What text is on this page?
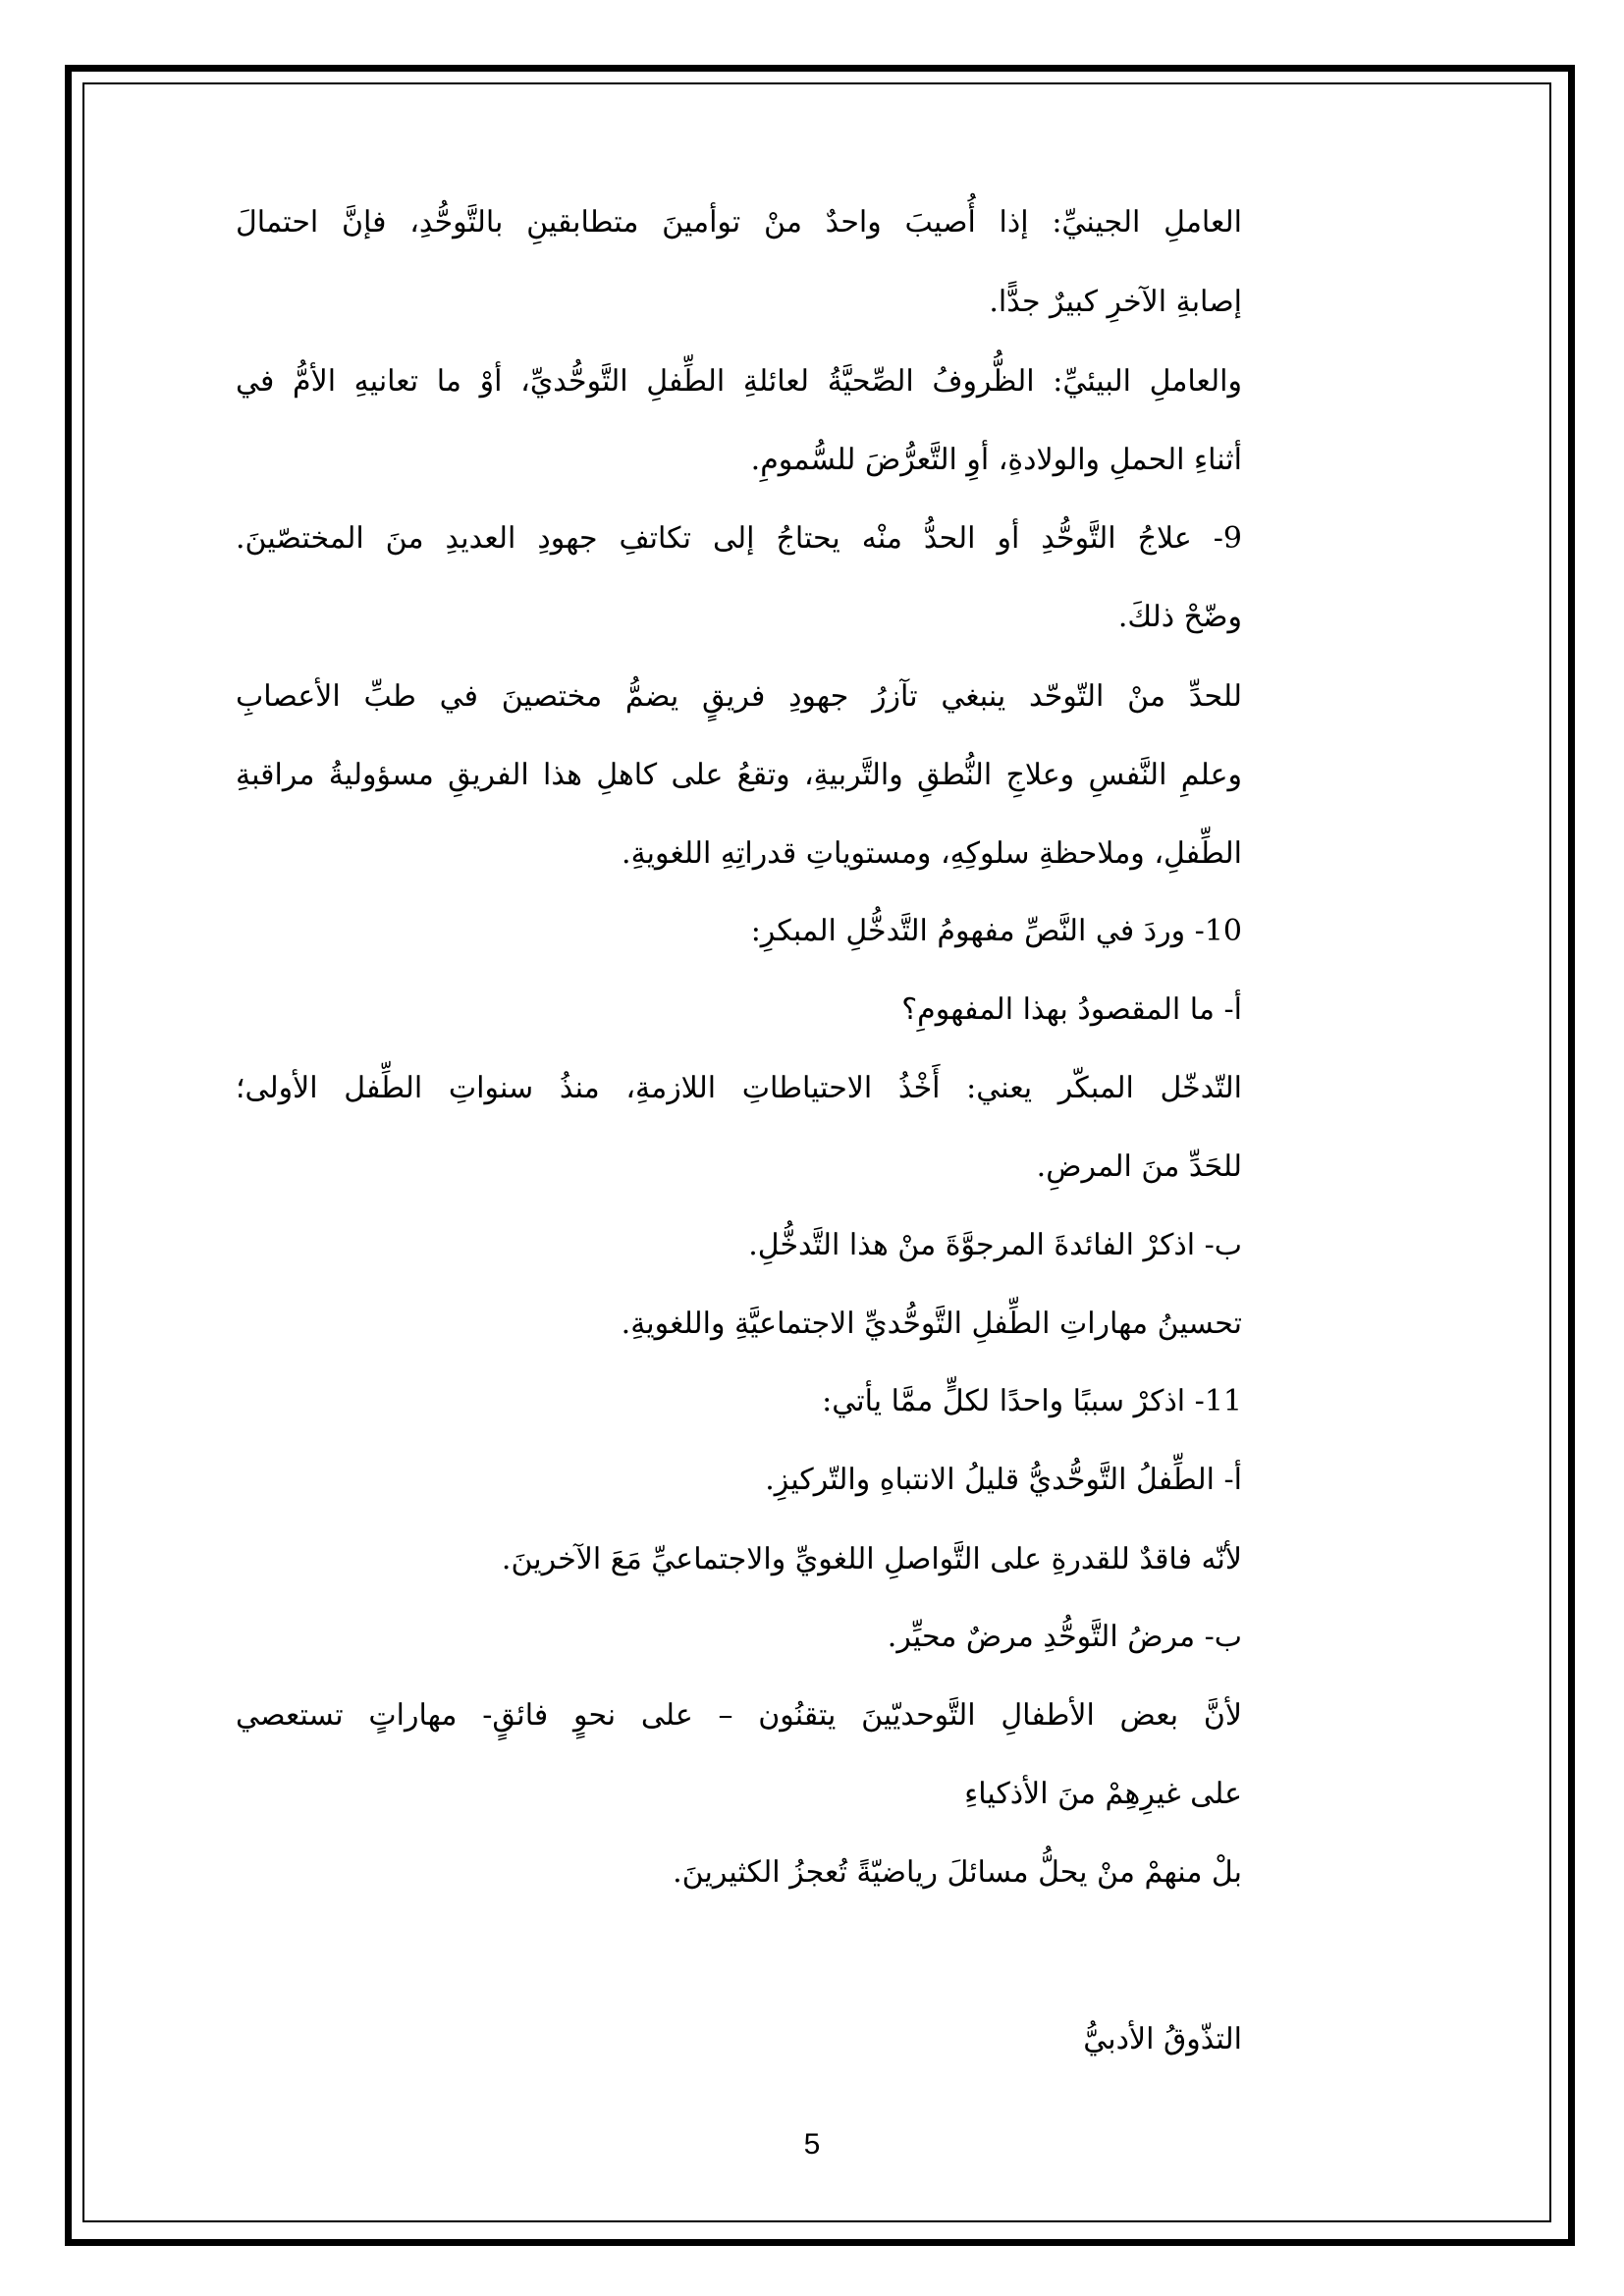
العاملِ الجينيِّ: إذا أُصيبَ واحدٌ منْ توأمينَ متطابقينِ بالتَّوحُّدِ، فإنَّ احتمالَ
إصابةِ الآخرِ كبيرٌ جدًّا.
والعاملِ البيئيِّ: الظُّروفُ الصِّحيَّةُ لعائلةِ الطِّفلِ التَّوحُّديِّ، أوْ ما تعانيهِ الأمُّ في
أثناءِ الحملِ والولادةِ، أوِ التَّعرُّضَ للسُّمومِ.
9- علاجُ التَّوحُّدِ أو الحدُّ منْه يحتاجُ إلى تكاتفِ جهودِ العديدِ منَ المختصّينَ.
وضّحْ ذلكَ.
للحدِّ منْ التّوحّد ينبغي تآزرُ جهودِ فريقٍ يضمُّ مختصينَ في طبِّ الأعصابِ
وعلمِ النَّفسِ وعلاجِ النُّطقِ والتَّربيةِ، وتقعُ على كاهلِ هذا الفريقِ مسؤوليةُ مراقبةِ
الطِّفلِ، وملاحظةِ سلوكِهِ، ومستوياتِ قدراتِهِ اللغويةِ.
10- وردَ في النَّصِّ مفهومُ التَّدخُّلِ المبكرِ:
أ- ما المقصودُ بهذا المفهومِ؟
التّدخّل المبكّر يعني: أَخْذُ الاحتياطاتِ اللازمةِ، منذُ سنواتِ الطِّفل الأولى؛
للحَدِّ منَ المرضِ.
ب- اذكرْ الفائدةَ المرجوَّةَ منْ هذا التَّدخُّلِ.
تحسينُ مهاراتِ الطِّفلِ التَّوحُّديِّ الاجتماعيَّةِ واللغويةِ.
11- اذكرْ سببًا واحدًا لكلٍّ ممَّا يأتي:
أ- الطِّفلُ التَّوحُّديُّ قليلُ الانتباهِ والتّركيزِ.
لأنّه فاقدٌ للقدرةِ على التَّواصلِ اللغويِّ والاجتماعيِّ مَعَ الآخرينَ.
ب- مرضُ التَّوحُّدِ مرضٌ محيِّر.
لأنَّ بعض الأطفالِ التَّوحديّينَ يتقنُون – على نحوٍ فائقٍ- مهاراتٍ تستعصي
على غيرِهِمْ منَ الأذكياءِ
بلْ منهمْ منْ يحلُّ مسائلَ رياضيّةً تُعجزُ الكثيرينَ.
التذّوقُ الأدبيُّ
5
